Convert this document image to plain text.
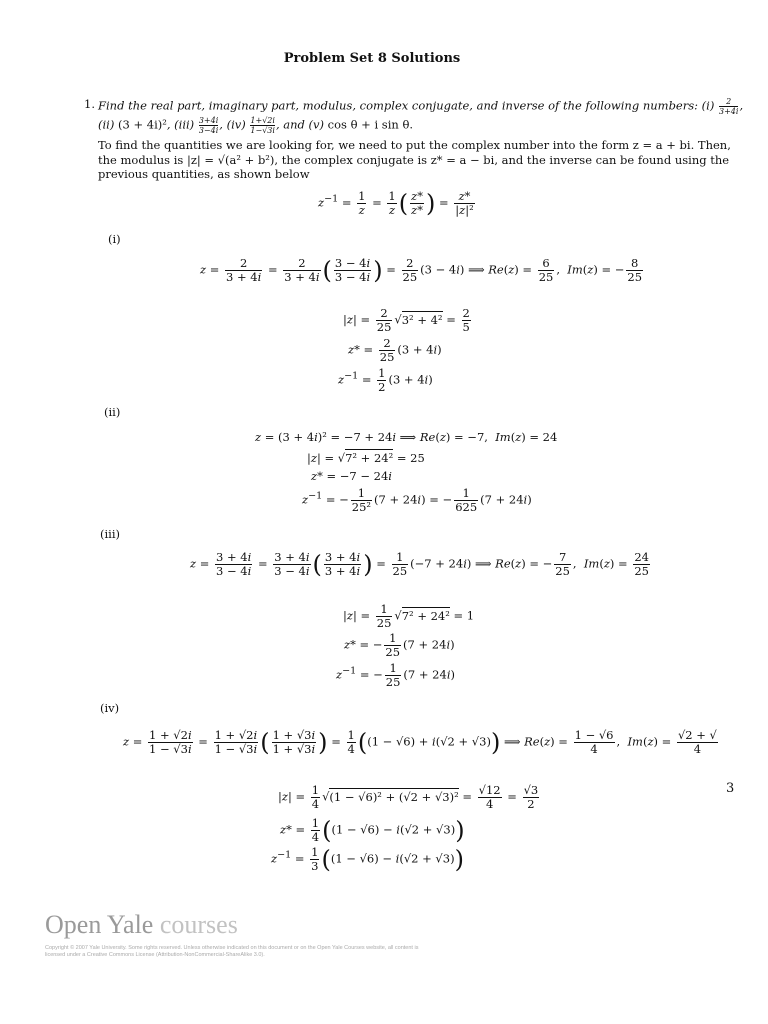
Problem Set 8 Solutions
1. Find the real part, imaginary part, modulus, complex conjugate, and inverse of the following numbers: $(i) \frac{2}{3+4i}$ ,
(ii) (3 + 4i)², $(iii) \frac{3+4i}{3-4i}$ , $(iv) \frac{1+√2i}{1-√3i}$ , and (v) cos θ + i sin θ.
To find the quantities we are looking for, we need to put the complex number into the form z = a + bi. Then,
the modulus is |z| = √(a² + b²), the complex conjugate is z* = a − bi, and the inverse can be found using the
previous quantities, as shown below
$z^{-1} = \frac{1}{z} = \frac{1}{z}$ ( $\frac{z*}{z*}$ ) = $\frac{z*}{\text{|z|²}}$
(i)
$z = \frac{2}{3 + 4i} = \frac{2}{3 + 4i}$ ( $\frac{3 - 4i}{3 - 4i}$ ) = $\frac{2}{25} (3 - 4i)$ ⟹ $Re(z) = \frac{6}{25}$ ,  Im(z) = − $\frac{8}{25}$
$|z| = \frac{2}{25} √3^2 + 4^2 = \frac{2}{5}$
$z* = \frac{2}{25} (3 + 4i)$
$z^{-1} = \frac{1}{2} (3 + 4i)$
(ii)
z = (3 + 4i)² = −7 + 24i ⟹ Re(z) = −7,  Im(z) = 24
|z| = √7² + 24² = 25
z* = −7 − 24i
$z^{-1}$ = − $\frac{1}{\text{25²}} (7 + 24i)$ = − $\frac{1}{625} (7 + 24i)$
(iii)
$z = \frac{3 + 4i}{3 - 4i} = \frac{3 + 4i}{3 - 4i}$ ( $\frac{3 + 4i}{3 + 4i}$ ) = $\frac{1}{25} (-7 + 24i)$ ⟹ Re(z) = − $\frac{7}{25}$ ,  $Im(z) = \frac{24}{25}$
$|z| = \frac{1}{25} √7^2 + 24^2 = 1$
z* = − $\frac{1}{25} (7 + 24i)$
$z^{-1}$ = − $\frac{1}{25} (7 + 24i)$
(iv)
$z = \frac{1 + √2i}{1 - √3i} = \frac{1 + √2i}{1 - √3i}$ ( $\frac{1 + √3i}{1 + √3i}$ ) = $\frac{1}{4} ((1 - √6) + i(√2 + √3))$ ⟹ $Re(z) = \frac{1 - √6}{4}$ ,  $Im(z) = \frac{√2 + √}{4}$
$|z| = \frac{1}{4} √(1 - √6)^2 + (√2 + √3)^2 = \frac{√12}{4} = \frac{√3}{2}$
$z* = \frac{1}{4} ((1 - √6) - i(√2 + √3))$
$z^{-1} = \frac{1}{3} ((1 - √6) - i(√2 + √3))$
3
Open Yale courses
Copyright © 2007 Yale University. Some rights reserved. Unless otherwise indicated on this document or on the Open Yale Courses website, all content is licensed under a Creative Commons License (Attribution-NonCommercial-ShareAlike 3.0).
